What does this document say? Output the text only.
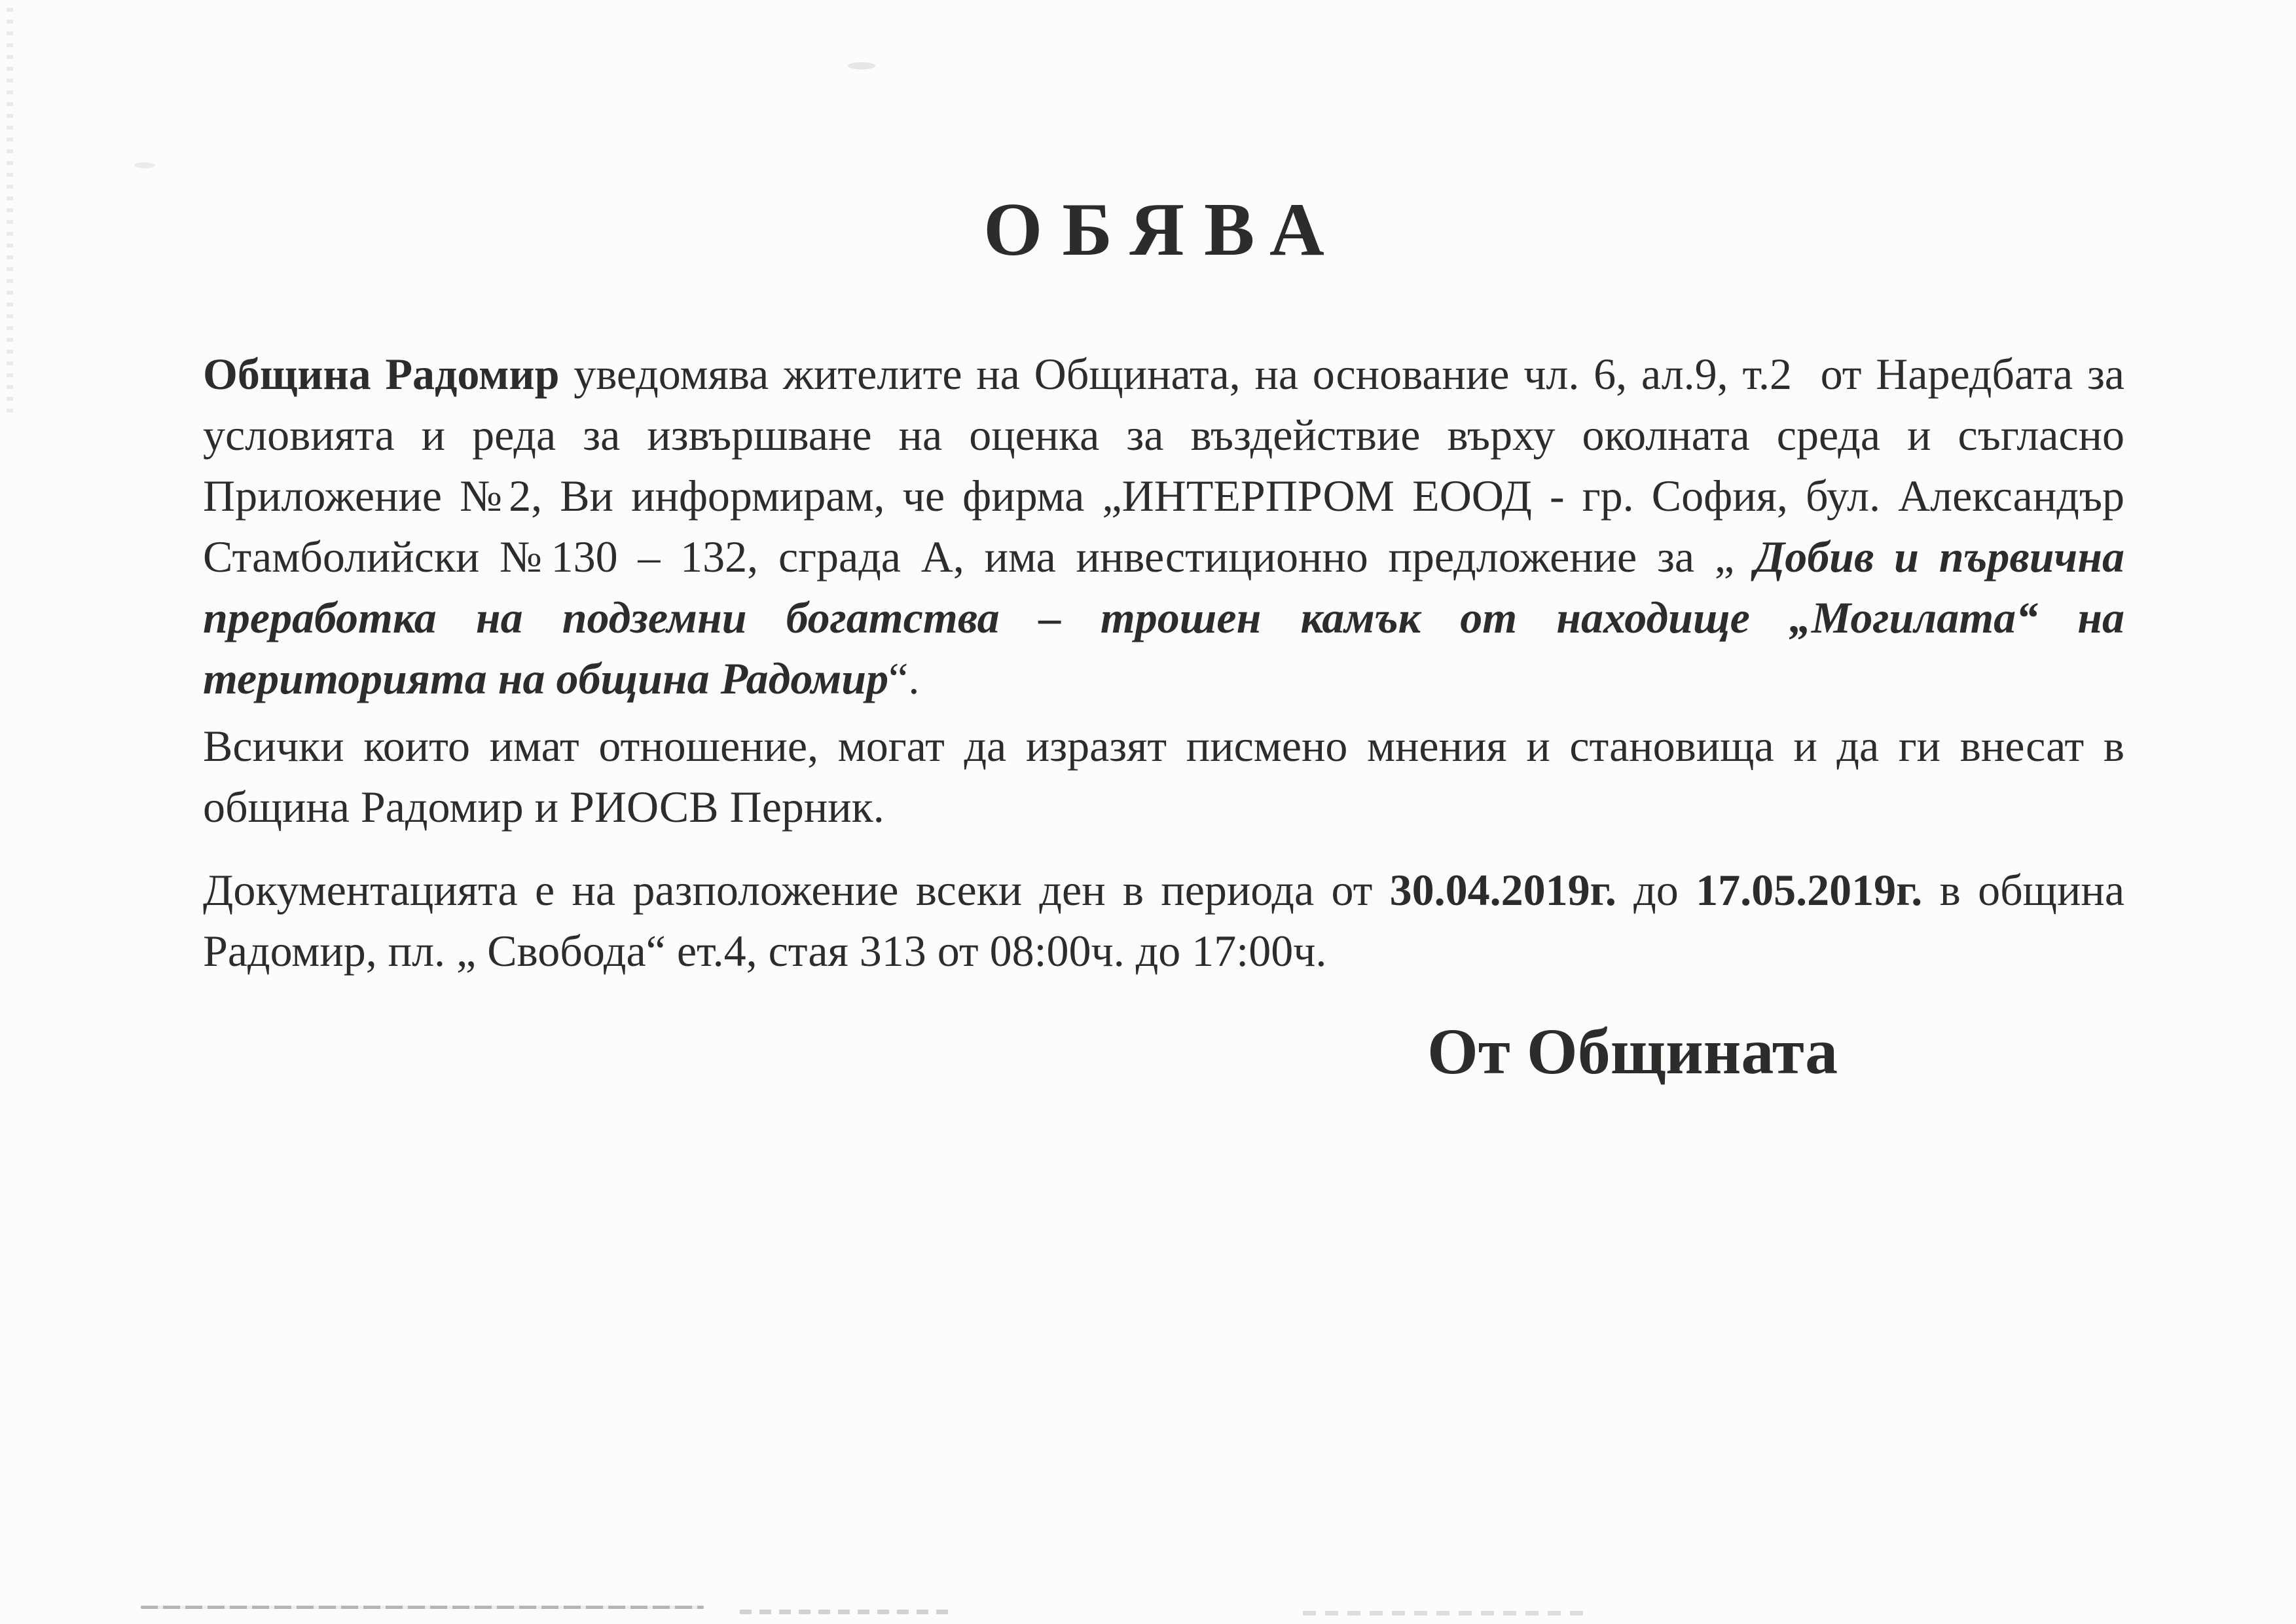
ОБЯВА

Община Радомир уведомява жителите на Общината, на основание чл. 6, ал.9, т.2  от Наредбата за условията и реда за извършване на оценка за въздействие върху околната среда и съгласно Приложение №2, Ви информирам, че фирма „ИНТЕРПРОМ ЕООД - гр. София, бул. Александър Стамболийски №130 – 132, сграда А, има инвестиционно предложение за „ Добив и първична преработка на подземни богатства – трошен камък от находище „Могилата“ на територията на община Радомир“.

Всички които имат отношение, могат да изразят писмено мнения и становища и да ги внесат в община Радомир и РИОСВ Перник.

Документацията е на разположение всеки ден в периода от 30.04.2019г. до 17.05.2019г. в община Радомир, пл. „ Свобода“ ет.4, стая 313 от 08:00ч. до 17:00ч.

От Общината
